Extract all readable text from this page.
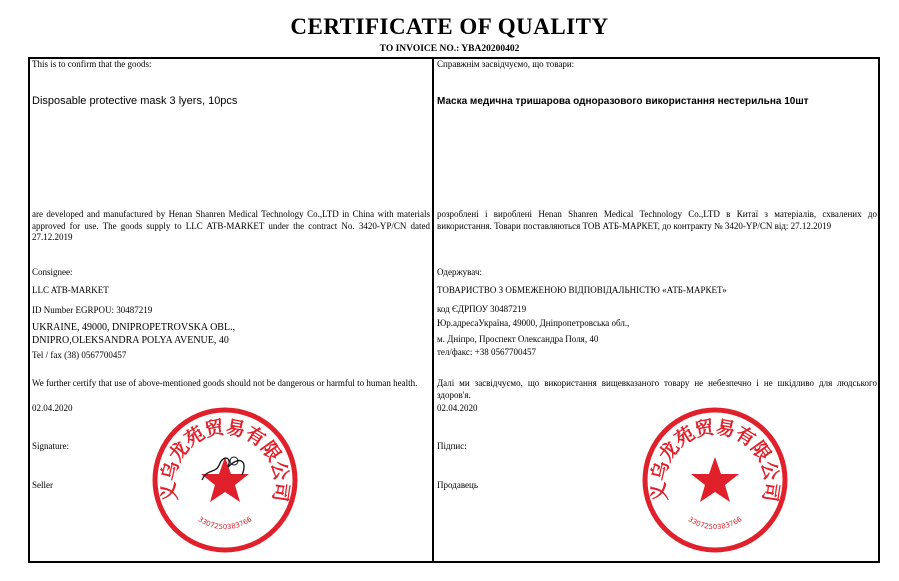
CERTIFICATE OF QUALITY
TO INVOICE NO.: YBA20200402
This is to confirm that the goods:
Disposable protective mask 3 lyers, 10pcs
are developed and manufactured by Henan Shanren Medical Technology Co.,LTD in China with materials approved for use. The goods supply to LLC ATB-MARKET under the contract No. 3420-YP/CN dated 27.12.2019
Consignee:
LLC ATB-MARKET
ID Number EGRPOU: 30487219
UKRAINE, 49000, DNIPROPETROVSKA OBL.,
DNIPRO,OLEKSANDRA POLYA AVENUE, 40
Tel / fax (38) 0567700457
We further certify that use of above-mentioned goods should not be dangerous or harmful to human health.
02.04.2020
Signature:
Seller
Справжнім засвідчуємо, що товари:
Маска медична тришарова одноразового використання нестерильна 10шт
розроблені і вироблені Henan Shanren Medical Technology Co.,LTD в Китаї з матеріалів, схвалених до використання. Товари поставляються ТОВ АТБ-МАРКЕТ, до контракту № 3420-YP/CN від: 27.12.2019
Одержувач:
ТОВАРИСТВО З ОБМЕЖЕНОЮ ВІДПОВІДАЛЬНІСТЮ «АТБ-МАРКЕТ»
код ЄДРПОУ 30487219
Юр.адресаУкраїна, 49000, Дніпропетровська обл.,
м. Дніпро, Проспект Олександра Поля, 40
тел/факс: +38 0567700457
Далі ми засвідчуємо, що використання вищевказаного товару не небезпечно і не шкідливо для людського здоров'я.
02.04.2020
Підпис:
Продавець
义乌龙苑贸易有限公司
3307250383766
义乌龙苑贸易有限公司
3307250383766
